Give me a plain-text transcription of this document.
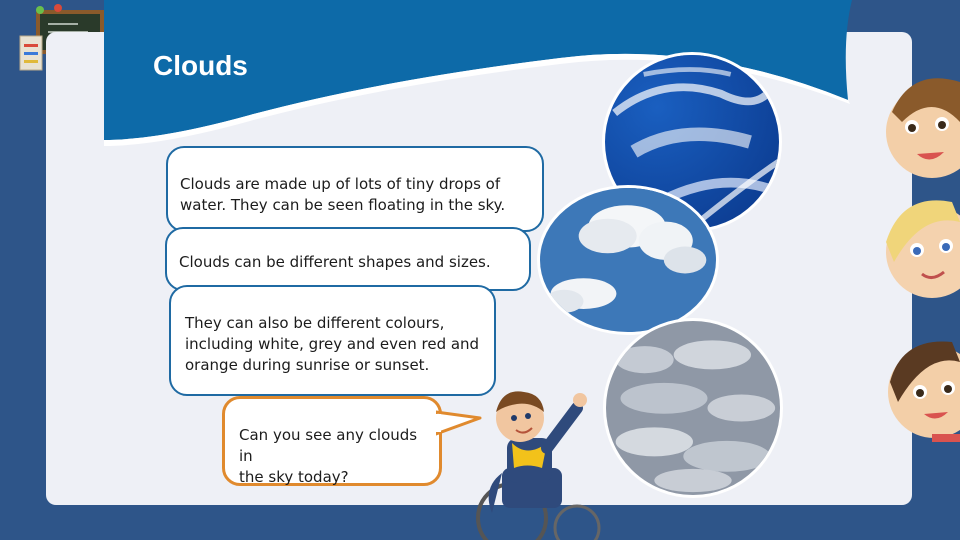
Clouds
Clouds are made up of lots of tiny drops of
water. They can be seen floating in the sky.
Clouds can be different shapes and sizes.
They can also be different colours,
including white, grey and even red and
orange during sunrise or sunset.
Can you see any clouds in
the sky today?
